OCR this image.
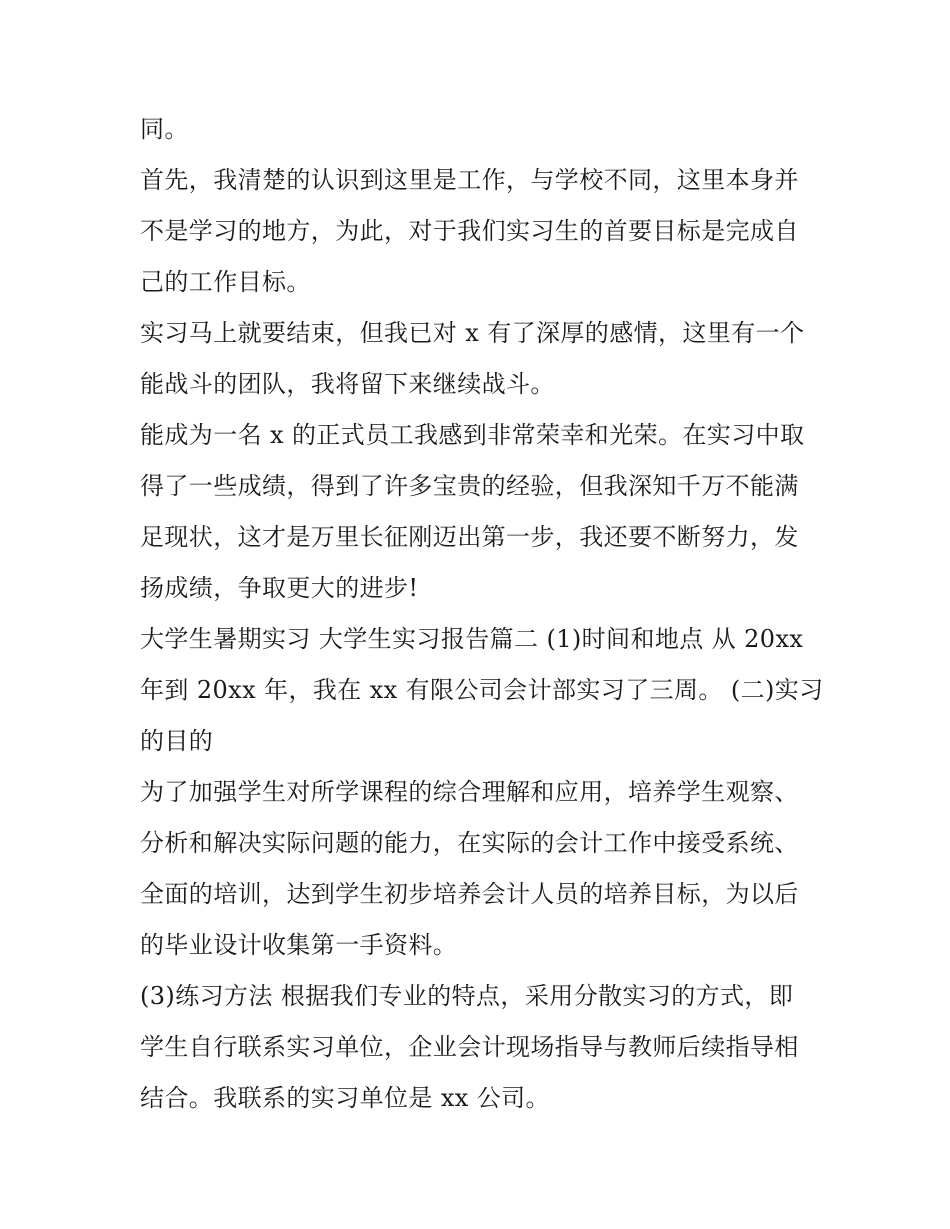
同。
首先，我清楚的认识到这里是工作，与学校不同，这里本身并
不是学习的地方，为此，对于我们实习生的首要目标是完成自
己的工作目标。
实习马上就要结束，但我已对 x 有了深厚的感情，这里有一个
能战斗的团队，我将留下来继续战斗。
能成为一名 x 的正式员工我感到非常荣幸和光荣。在实习中取
得了一些成绩，得到了许多宝贵的经验，但我深知千万不能满
足现状，这才是万里长征刚迈出第一步，我还要不断努力，发
扬成绩，争取更大的进步!
大学生暑期实习 大学生实习报告篇二 (1)时间和地点 从 20xx
年到 20xx 年，我在 xx 有限公司会计部实习了三周。 (二)实习
的目的
为了加强学生对所学课程的综合理解和应用，培养学生观察、
分析和解决实际问题的能力，在实际的会计工作中接受系统、
全面的培训，达到学生初步培养会计人员的培养目标，为以后
的毕业设计收集第一手资料。
(3)练习方法 根据我们专业的特点，采用分散实习的方式，即
学生自行联系实习单位，企业会计现场指导与教师后续指导相
结合。我联系的实习单位是 xx 公司。
